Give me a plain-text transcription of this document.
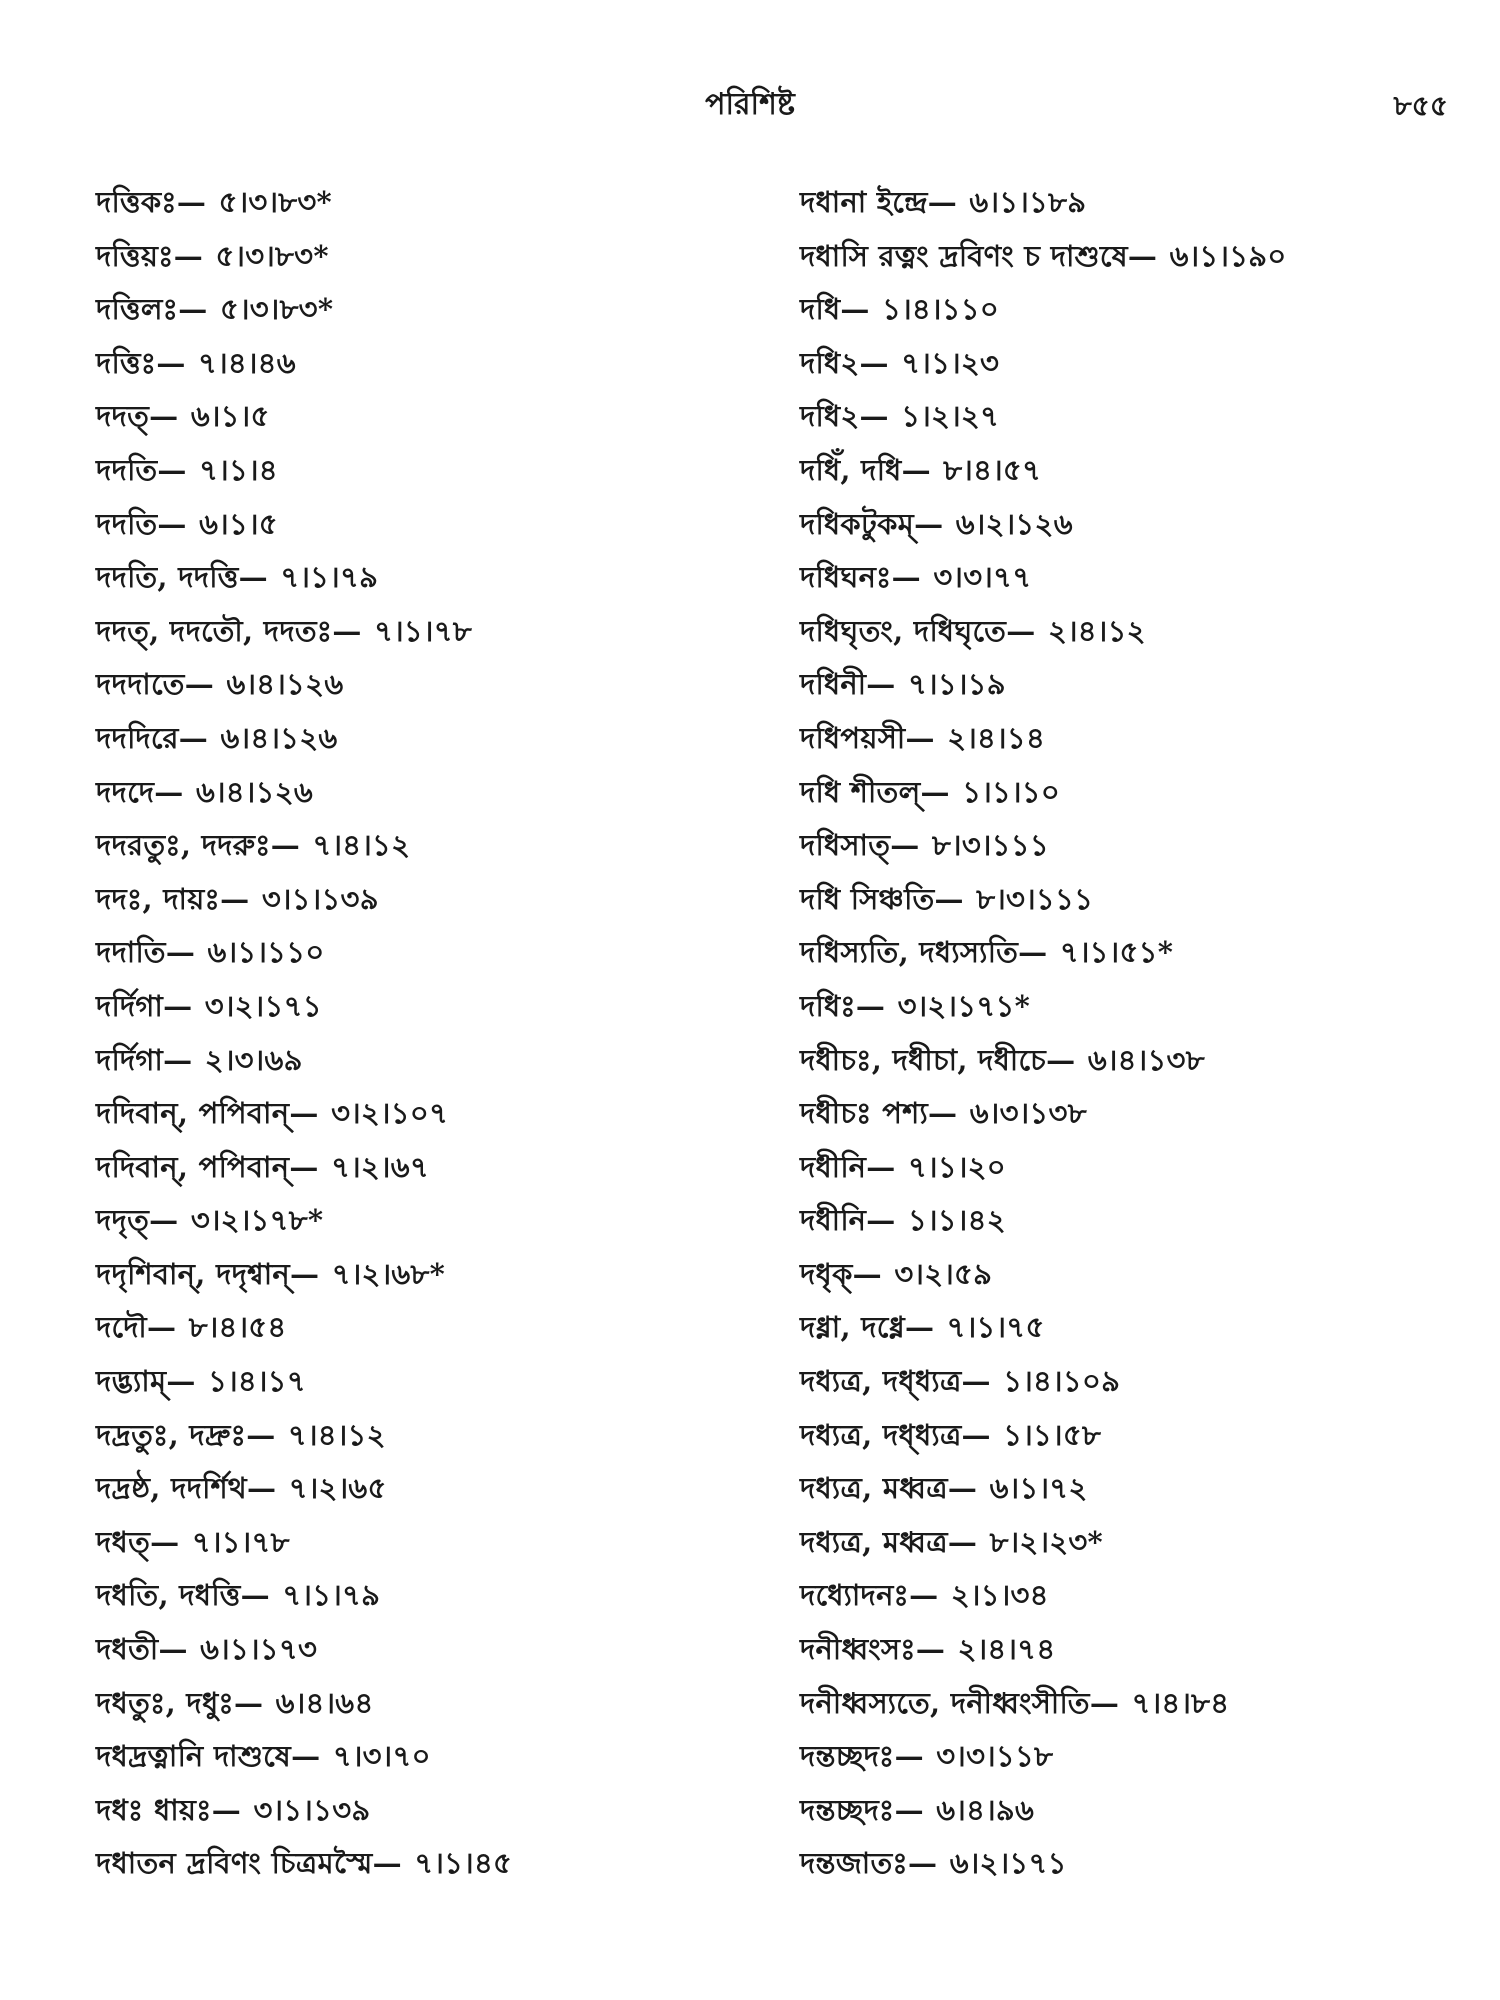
পরিশিষ্ট	৮৫৫
দত্তিকঃ— ৫।৩।৮৩*
দত্তিয়ঃ— ৫।৩।৮৩*
দত্তিলঃ— ৫।৩।৮৩*
দত্তিঃ— ৭।৪।৪৬
দদত্— ৬।১।৫
দদতি— ৭।১।৪
দদতি— ৬।১।৫
দদতি, দদত্তি— ৭।১।৭৯
দদত্, দদতৌ, দদতঃ— ৭।১।৭৮
দদদাতে— ৬।৪।১২৬
দদদিরে— ৬।৪।১২৬
দদদে— ৬।৪।১২৬
দদরতুঃ, দদরুঃ— ৭।৪।১২
দদঃ, দায়ঃ— ৩।১।১৩৯
দদাতি— ৬।১।১১০
দর্দিগা— ৩।২।১৭১
দর্দিগা— ২।৩।৬৯
দদিবান্, পপিবান্— ৩।২।১০৭
দদিবান্, পপিবান্— ৭।২।৬৭
দদৃত্— ৩।২।১৭৮*
দদৃশিবান্, দদৃশ্বান্— ৭।২।৬৮*
দদৌ— ৮।৪।৫৪
দদ্ভ্যাম্— ১।৪।১৭
দদ্রতুঃ, দদ্রুঃ— ৭।৪।১২
দদ্রষ্ঠ, দদর্শিথ— ৭।২।৬৫
দধত্— ৭।১।৭৮
দধতি, দধত্তি— ৭।১।৭৯
দধতী— ৬।১।১৭৩
দধতুঃ, দধুঃ— ৬।৪।৬৪
দধদ্রত্নানি দাশুষে— ৭।৩।৭০
দধঃ ধায়ঃ— ৩।১।১৩৯
দধাতন দ্রবিণং চিত্রমস্মৈ— ৭।১।৪৫
দধানা ইন্দ্রে— ৬।১।১৮৯
দধাসি রত্নং দ্রবিণং চ দাশুষে— ৬।১।১৯০
দধি— ১।৪।১১০
দধি২— ৭।১।২৩
দধি২— ১।২।২৭
দধিঁ, দধি— ৮।৪।৫৭
দধিকটুকম্— ৬।২।১২৬
দধিঘনঃ— ৩।৩।৭৭
দধিঘৃতং, দধিঘৃতে— ২।৪।১২
দধিনী— ৭।১।১৯
দধিপয়সী— ২।৪।১৪
দধি শীতল্— ১।১।১০
দধিসাত্— ৮।৩।১১১
দধি সিঞ্চতি— ৮।৩।১১১
দধিস্যতি, দধ্যস্যতি— ৭।১।৫১*
দধিঃ— ৩।২।১৭১*
দধীচঃ, দধীচা, দধীচে— ৬।৪।১৩৮
দধীচঃ পশ্য— ৬।৩।১৩৮
দধীনি— ৭।১।২০
দধীনি— ১।১।৪২
দধৃক্— ৩।২।৫৯
দধ্না, দধ্নে— ৭।১।৭৫
দধ্যত্র, দধ্ধ্যত্র— ১।৪।১০৯
দধ্যত্র, দধ্ধ্যত্র— ১।১।৫৮
দধ্যত্র, মধ্বত্র— ৬।১।৭২
দধ্যত্র, মধ্বত্র— ৮।২।২৩*
দধ্যোদনঃ— ২।১।৩৪
দনীধ্বংসঃ— ২।৪।৭৪
দনীধ্বস্যতে, দনীধ্বংসীতি— ৭।৪।৮৪
দন্তচ্ছদঃ— ৩।৩।১১৮
দন্তচ্ছদঃ— ৬।৪।৯৬
দন্তজাতঃ— ৬।২।১৭১
